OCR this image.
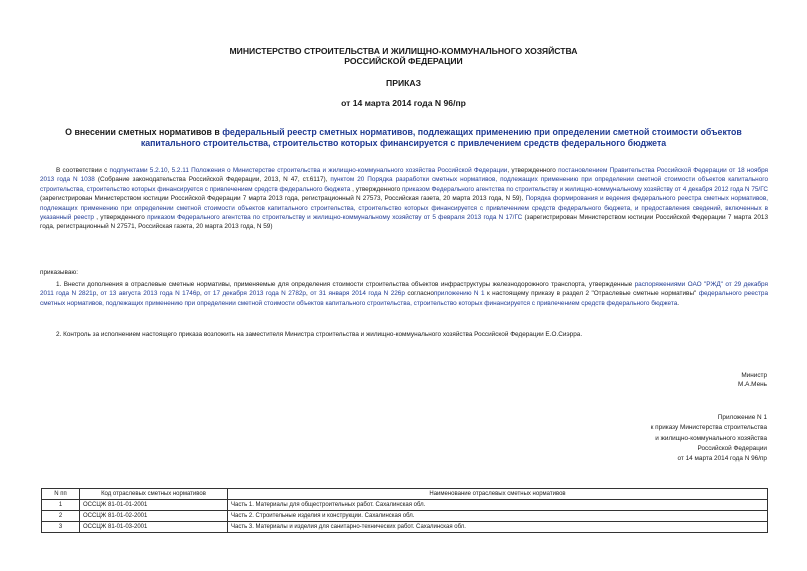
МИНИСТЕРСТВО СТРОИТЕЛЬСТВА И ЖИЛИЩНО-КОММУНАЛЬНОГО ХОЗЯЙСТВА
РОССИЙСКОЙ ФЕДЕРАЦИИ
ПРИКАЗ
от 14 марта 2014 года N 96/пр
О внесении сметных нормативов в федеральный реестр сметных нормативов, подлежащих применению при определении сметной стоимости объектов
капитального строительства, строительство которых финансируется с привлечением средств федерального бюджета
В соответствии с подпунктами 5.2.10, 5.2.11 Положения о Министерстве строительства и жилищно-коммунального хозяйства Российской Федерации, утвержденного постановлением Правительства Российской Федерации от 18 ноября 2013 года N 1038 (Собрание законодательства Российской Федерации, 2013, N 47, ст.6117), пунктом 20 Порядка разработки сметных нормативов, подлежащих применению при определении сметной стоимости объектов капитального строительства, строительство которых финансируется с привлечением средств федерального бюджета , утвержденного приказом Федерального агентства по строительству и жилищно-коммунальному хозяйству от 4 декабря 2012 года N 75/ГС (зарегистрирован Министерством юстиции Российской Федерации 7 марта 2013 года, регистрационный N 27573, Российская газета, 20 марта 2013 года, N 59), Порядка формирования и ведения федерального реестра сметных нормативов, подлежащих применению при определении сметной стоимости объектов капитального строительства, строительство которых финансируется с привлечением средств федерального бюджета, и предоставления сведений, включенных в указанный реестр , утвержденного приказом Федерального агентства по строительству и жилищно-коммунальному хозяйству от 5 февраля 2013 года N 17/ГС (зарегистрирован Министерством юстиции Российской Федерации 7 марта 2013 года, регистрационный N 27571, Российская газета, 20 марта 2013 года, N 59)
приказываю:
1. Внести дополнения в отраслевые сметные нормативы, применяемые для определения стоимости строительства объектов инфраструктуры железнодорожного транспорта, утвержденные распоряжениями ОАО "РЖД" от 29 декабря 2011 года N 2821р, от 13 августа 2013 года N 1746р, от 17 декабря 2013 года N 2782р, от 31 января 2014 года N 226р согласноприложению N 1 к настоящему приказу в раздел 2 "Отраслевые сметные нормативы" федерального реестра сметных нормативов, подлежащих применению при определении сметной стоимости объектов капитального строительства, строительство которых финансируется с привлечением средств федерального бюджета.
2. Контроль за исполнением настоящего приказа возложить на заместителя Министра строительства и жилищно-коммунального хозяйства Российской Федерации Е.О.Сиэрра.
Министр
М.А.Мень
Приложение N 1
к приказу Министерства строительства
и жилищно-коммунального хозяйства
Российской Федерации
от 14 марта 2014 года N 96/пр
N пп	Код отраслевых сметных нормативов	Наименование отраслевых сметных нормативов
1	ОССЦЖ 81-01-01-2001	Часть 1. Материалы для общестроительных работ. Сахалинская обл.
2	ОССЦЖ 81-01-02-2001	Часть 2. Строительные изделия и конструкции. Сахалинская обл.
3	ОССЦЖ 81-01-03-2001	Часть 3. Материалы и изделия для санитарно-технических работ. Сахалинская обл.
